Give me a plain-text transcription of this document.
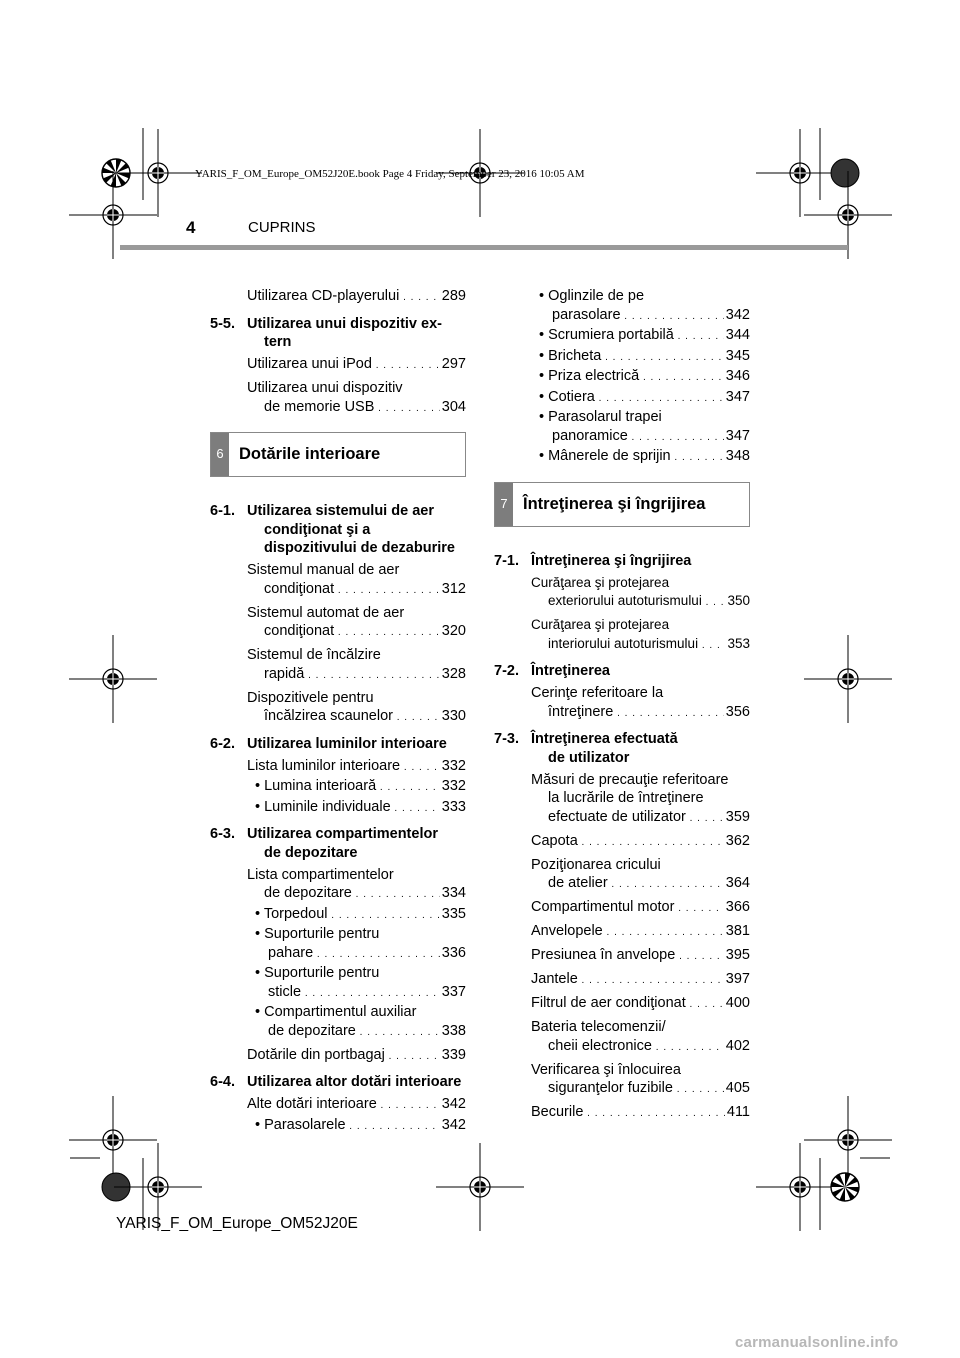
YARIS_F_OM_Europe_OM52J20E.book Page 4 Friday, September 23, 2016 10:05 AM
4	CUPRINS
Utilizarea CD-playerului . . .	289
5-5. Utilizarea unui dispozitiv ex-
tern
Utilizarea unui iPod . . .	297
Utilizarea unui dispozitiv
de memorie USB . . .	304
6 Dotările interioare
6-1. Utilizarea sistemului de aer
condiţionat şi a
dispozitivului de dezaburire
Sistemul manual de aer
condiţionat . . .	312
Sistemul automat de aer
condiţionat . . .	320
Sistemul de încălzire
rapidă . . .	328
Dispozitivele pentru
încălzirea scaunelor . . .	330
6-2. Utilizarea luminilor interioare
Lista luminilor interioare . . .	332
• Lumina interioară . . .	332
• Luminile individuale . . .	333
6-3. Utilizarea compartimentelor
de depozitare
Lista compartimentelor
de depozitare . . .	334
• Torpedoul . . .	335
• Suporturile pentru
pahare . . .	336
• Suporturile pentru
sticle . . .	337
• Compartimentul auxiliar
de depozitare . . .	338
Dotările din portbagaj . . .	339
6-4. Utilizarea altor dotări interioare
Alte dotări interioare . . .	342
• Parasolarele . . .	342
• Oglinzile de pe
parasolare . . .	342
• Scrumiera portabilă . . .	344
• Bricheta . . .	345
• Priza electrică . . .	346
• Cotiera . . .	347
• Parasolarul trapei
panoramice . . .	347
• Mânerele de sprijin . . .	348
7 Întreţinerea şi îngrijirea
7-1. Întreţinerea şi îngrijirea
Curăţarea şi protejarea
exteriorului autoturismului . . .	350
Curăţarea şi protejarea
interiorului autoturismului . . .	353
7-2. Întreţinerea
Cerinţe referitoare la
întreţinere . . .	356
7-3. Întreţinerea efectuată
de utilizator
Măsuri de precauţie referitoare
la lucrările de întreţinere
efectuate de utilizator . . .	359
Capota . . .	362
Poziţionarea cricului
de atelier . . .	364
Compartimentul motor . . .	366
Anvelopele . . .	381
Presiunea în anvelope . . .	395
Jantele . . .	397
Filtrul de aer condiţionat . . .	400
Bateria telecomenzii/
cheii electronice . . .	402
Verificarea şi înlocuirea
siguranţelor fuzibile . . .	405
Becurile . . .	411
YARIS_F_OM_Europe_OM52J20E
carmanualsonline.info
